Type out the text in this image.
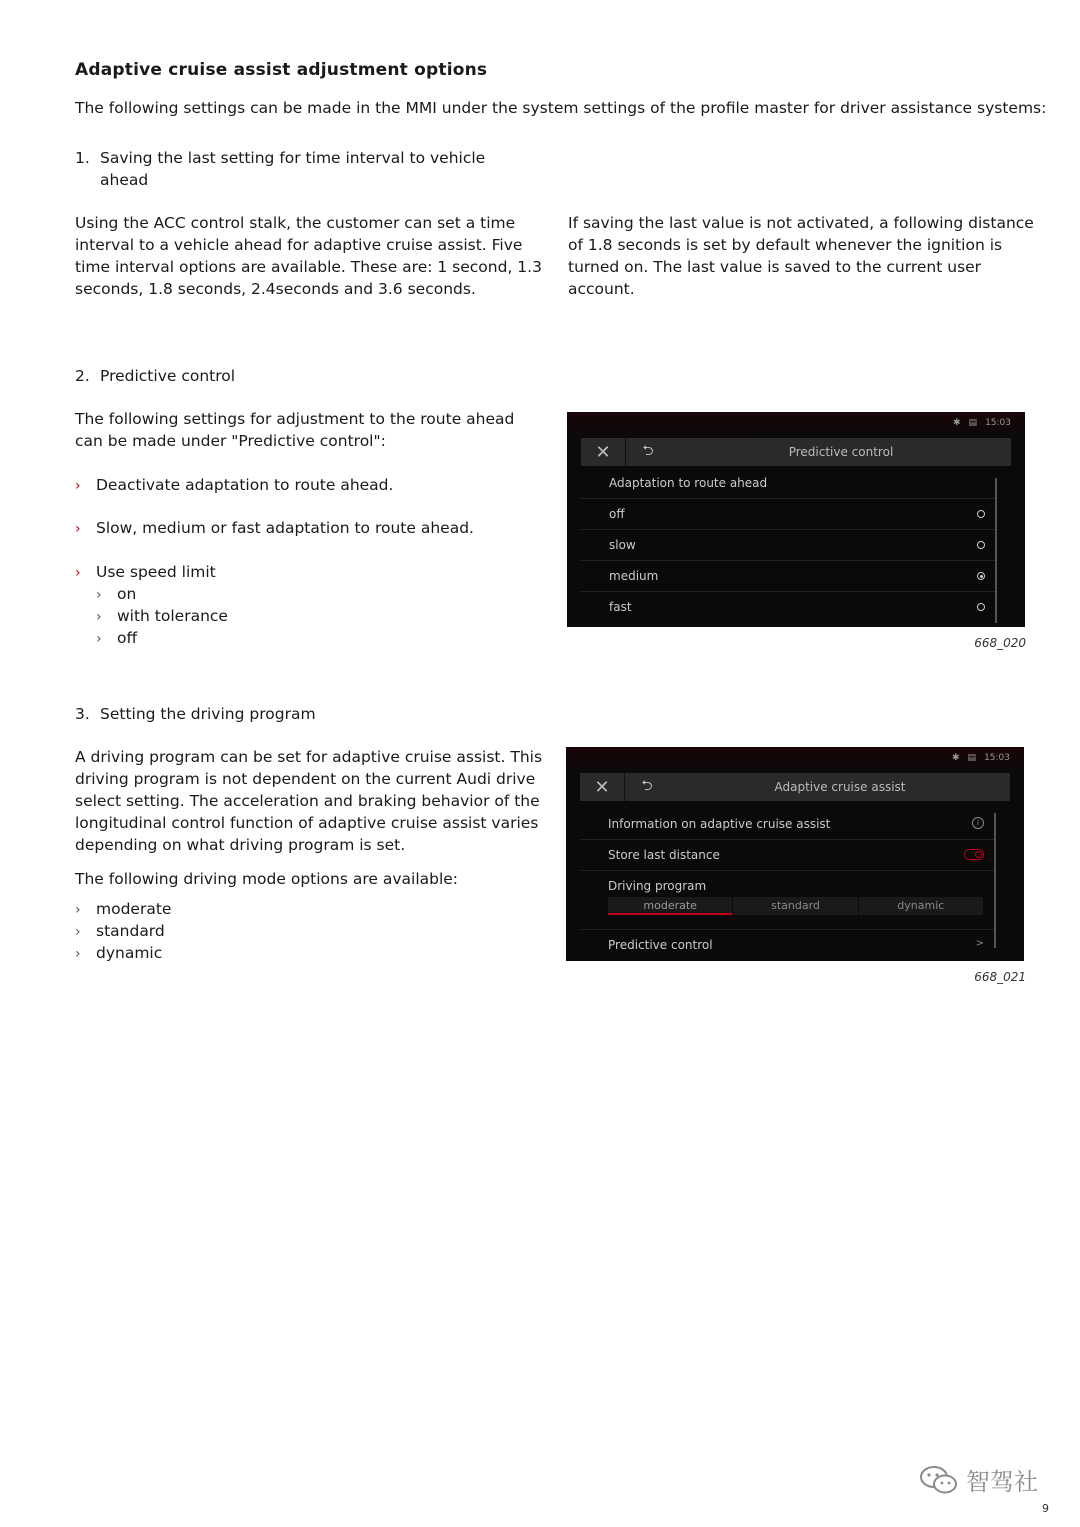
Adaptive cruise assist adjustment options
The following settings can be made in the MMI under the system settings of the profile master for driver assistance systems:
1. Saving the last setting for time interval to vehicle
ahead
Using the ACC control stalk, the customer can set a time
interval to a vehicle ahead for adaptive cruise assist. Five
time interval options are available. These are: 1 second, 1.3
seconds, 1.8 seconds, 2.4seconds and 3.6 seconds.
If saving the last value is not activated, a following distance
of 1.8 seconds is set by default whenever the ignition is
turned on. The last value is saved to the current user
account.
2. Predictive control
The following settings for adjustment to the route ahead
can be made under "Predictive control":
› Deactivate adaptation to route ahead.
› Slow, medium or fast adaptation to route ahead.
› Use speed limit
› on
› with tolerance
› off
✱ ▤ 15:03
✕	⮌	Predictive control
Adaptation to route ahead
off
slow
medium
fast
668_020
3. Setting the driving program
A driving program can be set for adaptive cruise assist. This
driving program is not dependent on the current Audi drive
select setting. The acceleration and braking behavior of the
longitudinal control function of adaptive cruise assist varies
depending on what driving program is set.
The following driving mode options are available:
› moderate
› standard
› dynamic
✱ ▤ 15:03
✕	⮌	Adaptive cruise assist
Information on adaptive cruise assist	i
Store last distance
Driving program
moderate	standard	dynamic
Predictive control	>
668_021
智驾社
9
